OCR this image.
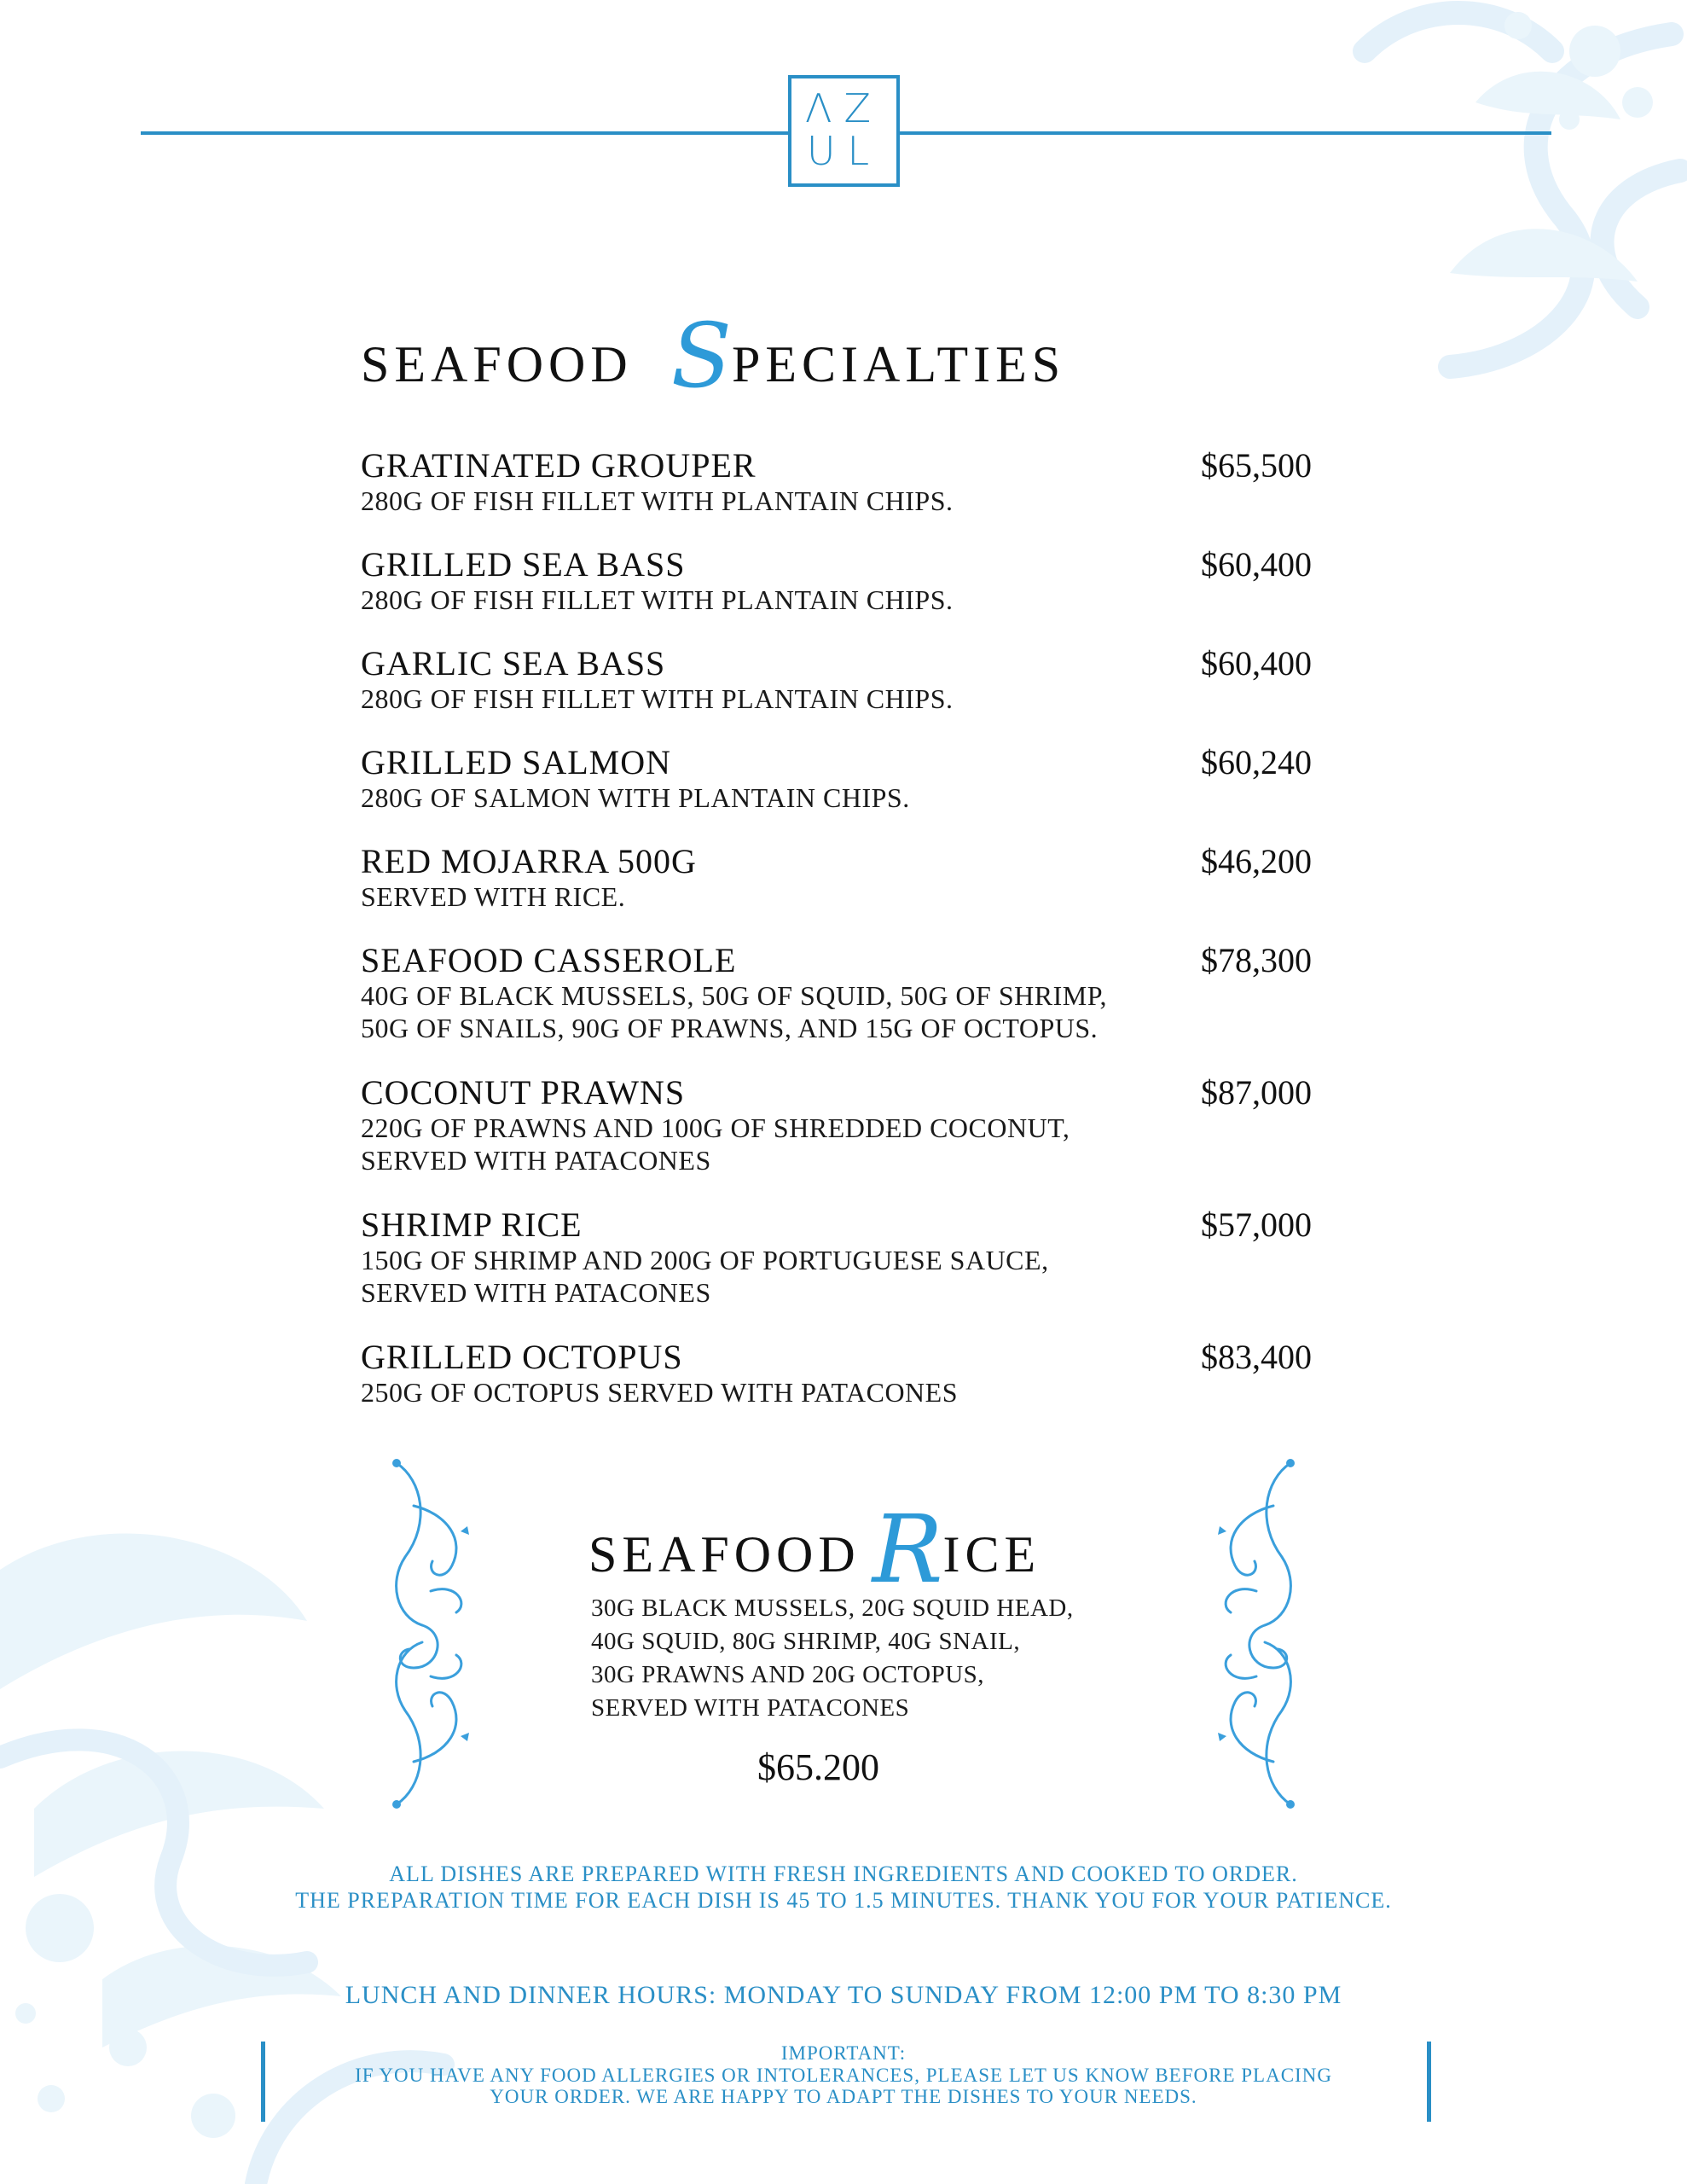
ΛZ
UL
SEAFOOD SPECIALTIES
GRATINATED GROUPER	$65,500
280G OF FISH FILLET WITH PLANTAIN CHIPS.
GRILLED SEA BASS	$60,400
280G OF FISH FILLET WITH PLANTAIN CHIPS.
GARLIC SEA BASS	$60,400
280G OF FISH FILLET WITH PLANTAIN CHIPS.
GRILLED SALMON	$60,240
280G OF SALMON WITH PLANTAIN CHIPS.
RED MOJARRA 500G	$46,200
SERVED WITH RICE.
SEAFOOD CASSEROLE	$78,300
40G OF BLACK MUSSELS, 50G OF SQUID, 50G OF SHRIMP,
50G OF SNAILS, 90G OF PRAWNS, AND 15G OF OCTOPUS.
COCONUT PRAWNS	$87,000
220G OF PRAWNS AND 100G OF SHREDDED COCONUT,
SERVED WITH PATACONES
SHRIMP RICE	$57,000
150G OF SHRIMP AND 200G OF PORTUGUESE SAUCE,
SERVED WITH PATACONES
GRILLED OCTOPUS	$83,400
250G OF OCTOPUS SERVED WITH PATACONES
SEAFOOD RICE
30G BLACK MUSSELS, 20G SQUID HEAD,
40G SQUID, 80G SHRIMP, 40G SNAIL,
30G PRAWNS AND 20G OCTOPUS,
SERVED WITH PATACONES
$65.200
ALL DISHES ARE PREPARED WITH FRESH INGREDIENTS AND COOKED TO ORDER.
THE PREPARATION TIME FOR EACH DISH IS 45 TO 1.5 MINUTES. THANK YOU FOR YOUR PATIENCE.
LUNCH AND DINNER HOURS: MONDAY TO SUNDAY FROM 12:00 PM TO 8:30 PM
IMPORTANT:
IF YOU HAVE ANY FOOD ALLERGIES OR INTOLERANCES, PLEASE LET US KNOW BEFORE PLACING
YOUR ORDER. WE ARE HAPPY TO ADAPT THE DISHES TO YOUR NEEDS.
